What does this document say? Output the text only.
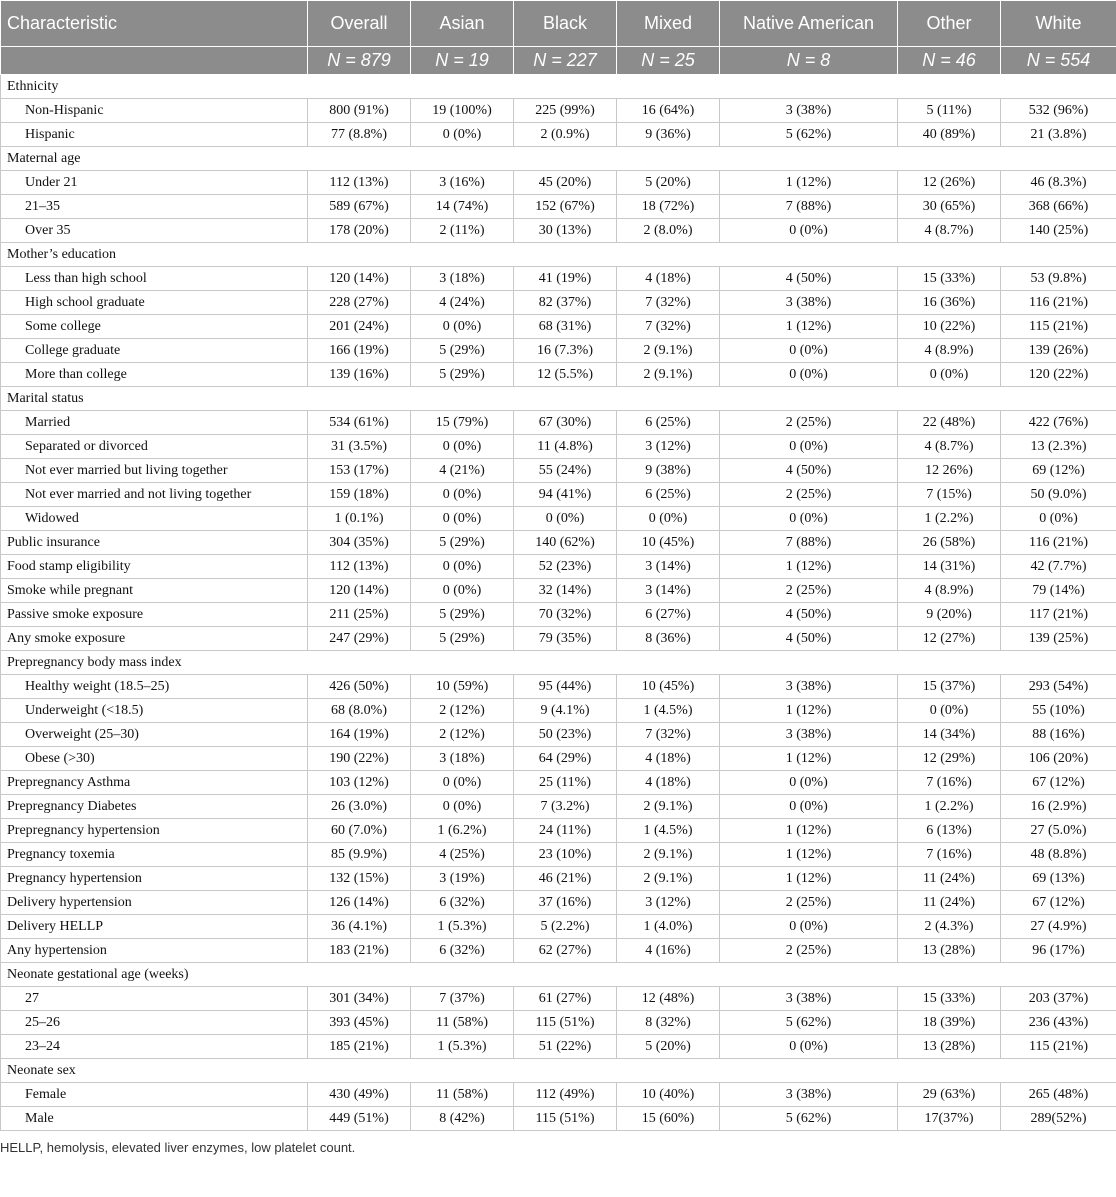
Characteristic	Overall	Asian	Black	Mixed	Native American	Other	White
	N = 879	N = 19	N = 227	N = 25	N = 8	N = 46	N = 554
Ethnicity							
Non-Hispanic	800 (91%)	19 (100%)	225 (99%)	16 (64%)	3 (38%)	5 (11%)	532 (96%)
Hispanic	77 (8.8%)	0 (0%)	2 (0.9%)	9 (36%)	5 (62%)	40 (89%)	21 (3.8%)
Maternal age							
Under 21	112 (13%)	3 (16%)	45 (20%)	5 (20%)	1 (12%)	12 (26%)	46 (8.3%)
21–35	589 (67%)	14 (74%)	152 (67%)	18 (72%)	7 (88%)	30 (65%)	368 (66%)
Over 35	178 (20%)	2 (11%)	30 (13%)	2 (8.0%)	0 (0%)	4 (8.7%)	140 (25%)
Mother’s education							
Less than high school	120 (14%)	3 (18%)	41 (19%)	4 (18%)	4 (50%)	15 (33%)	53 (9.8%)
High school graduate	228 (27%)	4 (24%)	82 (37%)	7 (32%)	3 (38%)	16 (36%)	116 (21%)
Some college	201 (24%)	0 (0%)	68 (31%)	7 (32%)	1 (12%)	10 (22%)	115 (21%)
College graduate	166 (19%)	5 (29%)	16 (7.3%)	2 (9.1%)	0 (0%)	4 (8.9%)	139 (26%)
More than college	139 (16%)	5 (29%)	12 (5.5%)	2 (9.1%)	0 (0%)	0 (0%)	120 (22%)
Marital status							
Married	534 (61%)	15 (79%)	67 (30%)	6 (25%)	2 (25%)	22 (48%)	422 (76%)
Separated or divorced	31 (3.5%)	0 (0%)	11 (4.8%)	3 (12%)	0 (0%)	4 (8.7%)	13 (2.3%)
Not ever married but living together	153 (17%)	4 (21%)	55 (24%)	9 (38%)	4 (50%)	12 26%)	69 (12%)
Not ever married and not living together	159 (18%)	0 (0%)	94 (41%)	6 (25%)	2 (25%)	7 (15%)	50 (9.0%)
Widowed	1 (0.1%)	0 (0%)	0 (0%)	0 (0%)	0 (0%)	1 (2.2%)	0 (0%)
Public insurance	304 (35%)	5 (29%)	140 (62%)	10 (45%)	7 (88%)	26 (58%)	116 (21%)
Food stamp eligibility	112 (13%)	0 (0%)	52 (23%)	3 (14%)	1 (12%)	14 (31%)	42 (7.7%)
Smoke while pregnant	120 (14%)	0 (0%)	32 (14%)	3 (14%)	2 (25%)	4 (8.9%)	79 (14%)
Passive smoke exposure	211 (25%)	5 (29%)	70 (32%)	6 (27%)	4 (50%)	9 (20%)	117 (21%)
Any smoke exposure	247 (29%)	5 (29%)	79 (35%)	8 (36%)	4 (50%)	12 (27%)	139 (25%)
Prepregnancy body mass index							
Healthy weight (18.5–25)	426 (50%)	10 (59%)	95 (44%)	10 (45%)	3 (38%)	15 (37%)	293 (54%)
Underweight (<18.5)	68 (8.0%)	2 (12%)	9 (4.1%)	1 (4.5%)	1 (12%)	0 (0%)	55 (10%)
Overweight (25–30)	164 (19%)	2 (12%)	50 (23%)	7 (32%)	3 (38%)	14 (34%)	88 (16%)
Obese (>30)	190 (22%)	3 (18%)	64 (29%)	4 (18%)	1 (12%)	12 (29%)	106 (20%)
Prepregnancy Asthma	103 (12%)	0 (0%)	25 (11%)	4 (18%)	0 (0%)	7 (16%)	67 (12%)
Prepregnancy Diabetes	26 (3.0%)	0 (0%)	7 (3.2%)	2 (9.1%)	0 (0%)	1 (2.2%)	16 (2.9%)
Prepregnancy hypertension	60 (7.0%)	1 (6.2%)	24 (11%)	1 (4.5%)	1 (12%)	6 (13%)	27 (5.0%)
Pregnancy toxemia	85 (9.9%)	4 (25%)	23 (10%)	2 (9.1%)	1 (12%)	7 (16%)	48 (8.8%)
Pregnancy hypertension	132 (15%)	3 (19%)	46 (21%)	2 (9.1%)	1 (12%)	11 (24%)	69 (13%)
Delivery hypertension	126 (14%)	6 (32%)	37 (16%)	3 (12%)	2 (25%)	11 (24%)	67 (12%)
Delivery HELLP	36 (4.1%)	1 (5.3%)	5 (2.2%)	1 (4.0%)	0 (0%)	2 (4.3%)	27 (4.9%)
Any hypertension	183 (21%)	6 (32%)	62 (27%)	4 (16%)	2 (25%)	13 (28%)	96 (17%)
Neonate gestational age (weeks)							
27	301 (34%)	7 (37%)	61 (27%)	12 (48%)	3 (38%)	15 (33%)	203 (37%)
25–26	393 (45%)	11 (58%)	115 (51%)	8 (32%)	5 (62%)	18 (39%)	236 (43%)
23–24	185 (21%)	1 (5.3%)	51 (22%)	5 (20%)	0 (0%)	13 (28%)	115 (21%)
Neonate sex							
Female	430 (49%)	11 (58%)	112 (49%)	10 (40%)	3 (38%)	29 (63%)	265 (48%)
Male	449 (51%)	8 (42%)	115 (51%)	15 (60%)	5 (62%)	17(37%)	289(52%)

HELLP, hemolysis, elevated liver enzymes, low platelet count.
